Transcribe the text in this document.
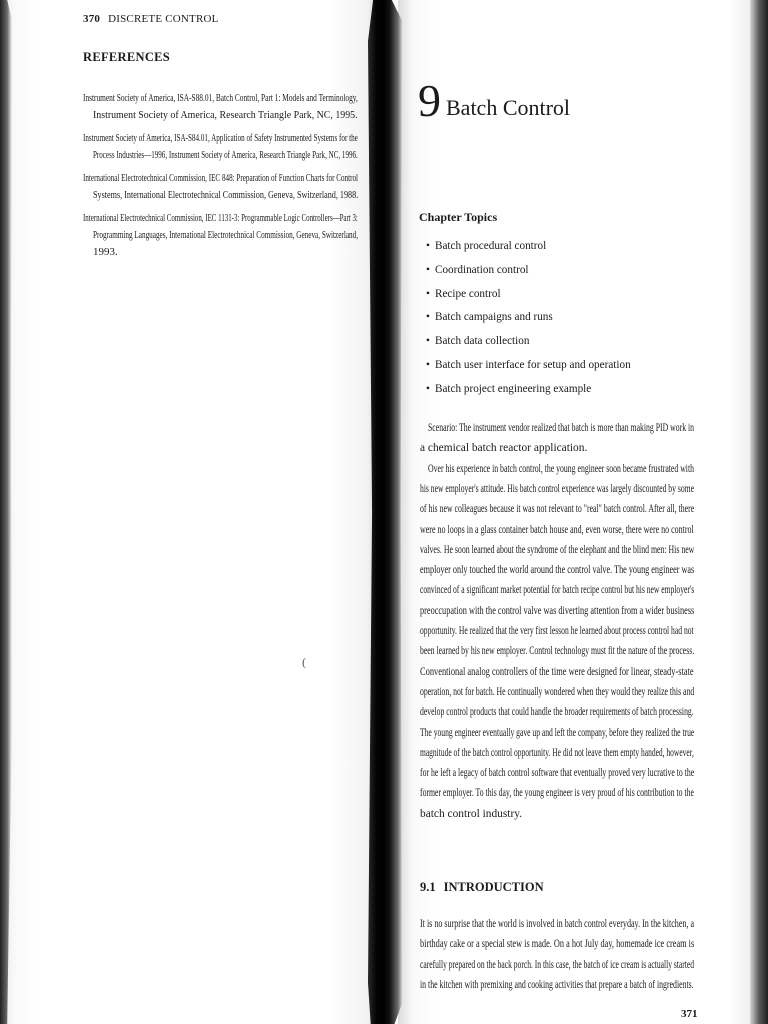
370 DISCRETE CONTROL
REFERENCES
Instrument Society of America, ISA-S88.01, Batch Control, Part 1: Models and Terminology,
Instrument Society of America, Research Triangle Park, NC, 1995.
Instrument Society of America, ISA-S84.01, Application of Safety Instrumented Systems for the
Process Industries—1996, Instrument Society of America, Research Triangle Park, NC, 1996.
International Electrotechnical Commission, IEC 848: Preparation of Function Charts for Control
Systems, International Electrotechnical Commission, Geneva, Switzerland, 1988.
International Electrotechnical Commission, IEC 1131-3: Programmable Logic Controllers—Part 3:
Programming Languages, International Electrotechnical Commission, Geneva, Switzerland,
1993.
(
9 Batch Control
Chapter Topics
• Batch procedural control
• Coordination control
• Recipe control
• Batch campaigns and runs
• Batch data collection
• Batch user interface for setup and operation
• Batch project engineering example
Scenario: The instrument vendor realized that batch is more than making PID work in
a chemical batch reactor application.
Over his experience in batch control, the young engineer soon became frustrated with
his new employer's attitude. His batch control experience was largely discounted by some
of his new colleagues because it was not relevant to "real" batch control. After all, there
were no loops in a glass container batch house and, even worse, there were no control
valves. He soon learned about the syndrome of the elephant and the blind men: His new
employer only touched the world around the control valve. The young engineer was
convinced of a significant market potential for batch recipe control but his new employer's
preoccupation with the control valve was diverting attention from a wider business
opportunity. He realized that the very first lesson he learned about process control had not
been learned by his new employer. Control technology must fit the nature of the process.
Conventional analog controllers of the time were designed for linear, steady-state
operation, not for batch. He continually wondered when they would they realize this and
develop control products that could handle the broader requirements of batch processing.
The young engineer eventually gave up and left the company, before they realized the true
magnitude of the batch control opportunity. He did not leave them empty handed, however,
for he left a legacy of batch control software that eventually proved very lucrative to the
former employer. To this day, the young engineer is very proud of his contribution to the
batch control industry.
9.1 INTRODUCTION
It is no surprise that the world is involved in batch control everyday. In the kitchen, a
birthday cake or a special stew is made. On a hot July day, homemade ice cream is
carefully prepared on the back porch. In this case, the batch of ice cream is actually started
in the kitchen with premixing and cooking activities that prepare a batch of ingredients.
371
